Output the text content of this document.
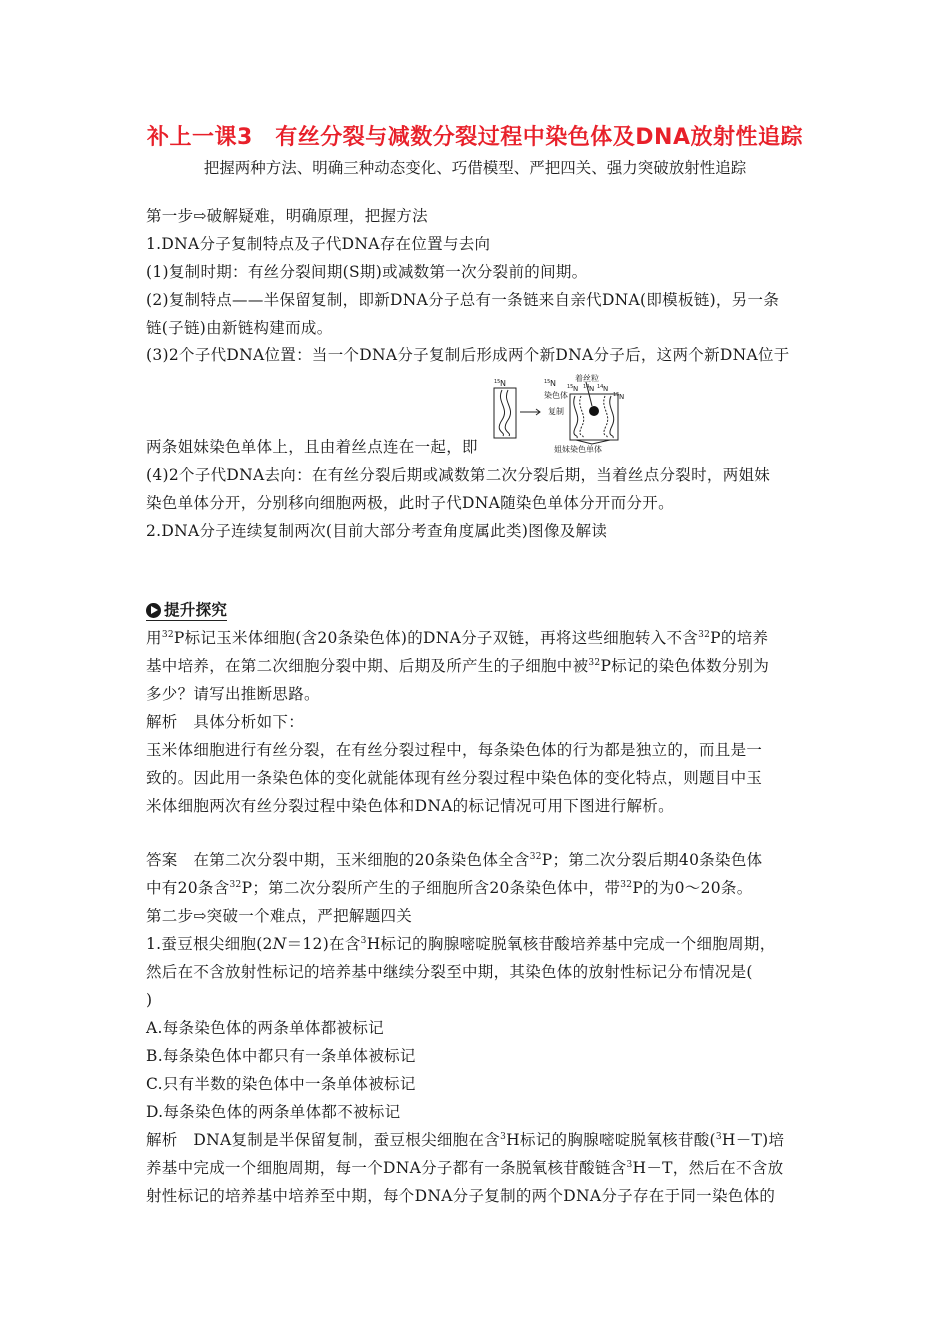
补上一课3　有丝分裂与减数分裂过程中染色体及DNA放射性追踪
把握两种方法、明确三种动态变化、巧借模型、严把四关、强力突破放射性追踪
第一步⇨破解疑难，明确原理，把握方法
1.DNA分子复制特点及子代DNA存在位置与去向
(1)复制时期：有丝分裂间期(S期)或减数第一次分裂前的间期。
(2)复制特点——半保留复制，即新DNA分子总有一条链来自亲代DNA(即模板链)，另一条
链(子链)由新链构建而成。
(3)2个子代DNA位置：当一个DNA分子复制后形成两个新DNA分子后，这两个新DNA位于
两条姐妹染色单体上，且由着丝点连在一起，即
15 N	15 N
染色体
复制
着丝粒
15 N 14 N 14 N
15 N
姐妹染色单体
(4)2个子代DNA去向：在有丝分裂后期或减数第二次分裂后期，当着丝点分裂时，两姐妹
染色单体分开，分别移向细胞两极，此时子代DNA随染色单体分开而分开。
2.DNA分子连续复制两次(目前大部分考查角度属此类)图像及解读
提升探究
用$^{32}$P标记玉米体细胞(含20条染色体)的DNA分子双链，再将这些细胞转入不含$^{32}$P的培养
基中培养，在第二次细胞分裂中期、后期及所产生的子细胞中被$^{32}$P标记的染色体数分别为
多少？请写出推断思路。
解析　具体分析如下：
玉米体细胞进行有丝分裂，在有丝分裂过程中，每条染色体的行为都是独立的，而且是一
致的。因此用一条染色体的变化就能体现有丝分裂过程中染色体的变化特点，则题目中玉
米体细胞两次有丝分裂过程中染色体和DNA的标记情况可用下图进行解析。
答案　在第二次分裂中期，玉米细胞的20条染色体全含$^{32}$P；第二次分裂后期40条染色体
中有20条含$^{32}$P；第二次分裂所产生的子细胞所含20条染色体中，带$^{32}$P的为0～20条。
第二步⇨突破一个难点，严把解题四关
1.蚕豆根尖细胞(2N＝12)在含$^3$H标记的胸腺嘧啶脱氧核苷酸培养基中完成一个细胞周期，
然后在不含放射性标记的培养基中继续分裂至中期，其染色体的放射性标记分布情况是(
)
A.每条染色体的两条单体都被标记
B.每条染色体中都只有一条单体被标记
C.只有半数的染色体中一条单体被标记
D.每条染色体的两条单体都不被标记
解析　DNA复制是半保留复制，蚕豆根尖细胞在含$^3$H标记的胸腺嘧啶脱氧核苷酸($^3$H－T)培
养基中完成一个细胞周期，每一个DNA分子都有一条脱氧核苷酸链含$^3$H－T，然后在不含放
射性标记的培养基中培养至中期，每个DNA分子复制的两个DNA分子存在于同一染色体的
